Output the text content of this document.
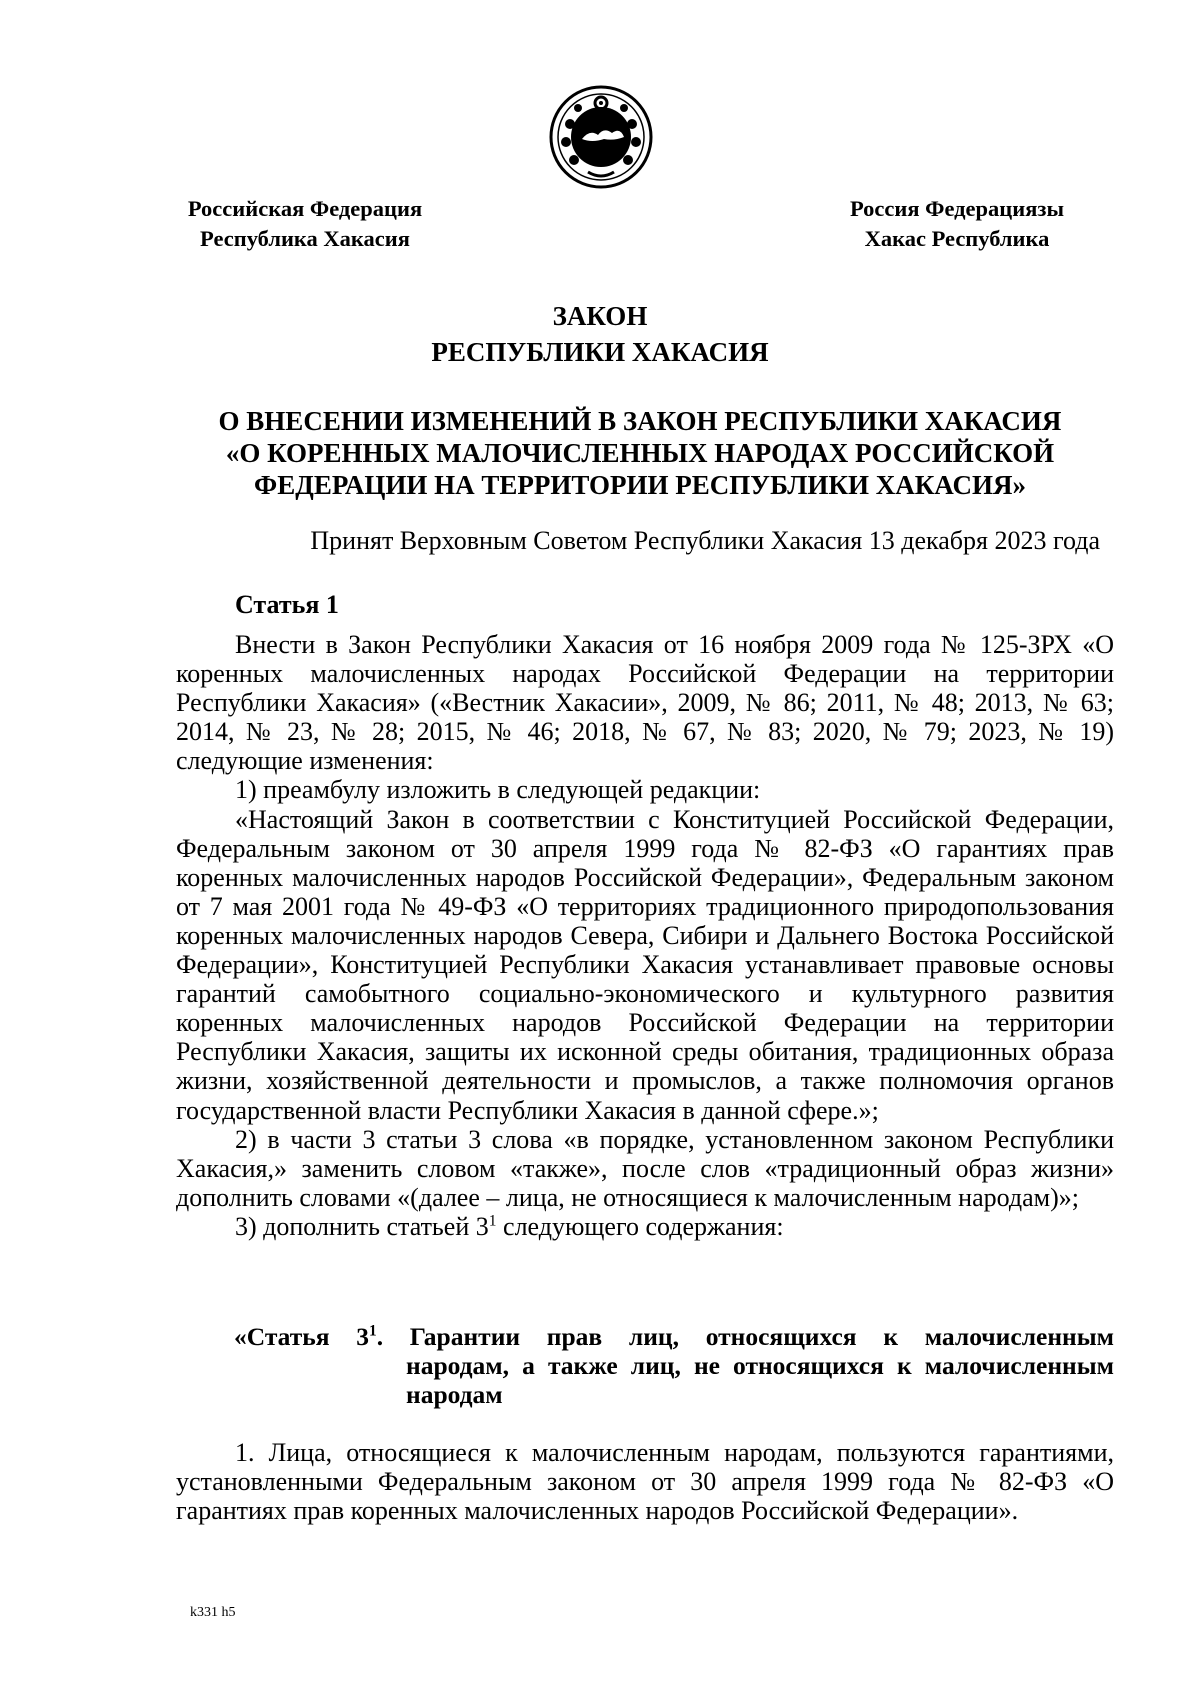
Российская Федерация
Республика Хакасия
Россия Федерациязы
Хакас Республика
ЗАКОН
РЕСПУБЛИКИ ХАКАСИЯ
О ВНЕСЕНИИ ИЗМЕНЕНИЙ В ЗАКОН РЕСПУБЛИКИ ХАКАСИЯ
«О КОРЕННЫХ МАЛОЧИСЛЕННЫХ НАРОДАХ РОССИЙСКОЙ
ФЕДЕРАЦИИ НА ТЕРРИТОРИИ РЕСПУБЛИКИ ХАКАСИЯ»
Принят Верховным Советом Республики Хакасия 13 декабря 2023 года
Статья 1

Внести в Закон Республики Хакасия от 16 ноября 2009 года № 125-ЗРХ «О коренных малочисленных народах Российской Федерации на территории Республики Хакасия» («Вестник Хакасии», 2009, № 86; 2011, № 48; 2013, № 63; 2014, № 23, № 28; 2015, № 46; 2018, № 67, № 83; 2020, № 79; 2023, № 19) следующие изменения:

1) преамбулу изложить в следующей редакции:

«Настоящий Закон в соответствии с Конституцией Российской Федерации, Федеральным законом от 30 апреля 1999 года № 82-ФЗ «О гарантиях прав коренных малочисленных народов Российской Федерации», Федеральным законом от 7 мая 2001 года № 49-ФЗ «О территориях традиционного природопользования коренных малочисленных народов Севера, Сибири и Дальнего Востока Российской Федерации», Конституцией Республики Хакасия устанавливает правовые основы гарантий самобытного социально-экономического и культурного развития коренных малочисленных народов Российской Федерации на территории Республики Хакасия, защиты их исконной среды обитания, традиционных образа жизни, хозяйственной деятельности и промыслов, а также полномочия органов государственной власти Республики Хакасия в данной сфере.»;

2) в части 3 статьи 3 слова «в порядке, установленном законом Республики Хакасия,» заменить словом «также», после слов «традиционный образ жизни» дополнить словами «(далее – лица, не относящиеся к малочисленным народам)»;

3) дополнить статьей $3^1$ следующего содержания:

«Статья $3^1$. Гарантии прав лиц, относящихся к малочисленным
народам, а также лиц, не относящихся к малочисленным
народам

1. Лица, относящиеся к малочисленным народам, пользуются гарантиями, установленными Федеральным законом от 30 апреля 1999 года № 82-ФЗ «О гарантиях прав коренных малочисленных народов Российской Федерации».

k331 h5
